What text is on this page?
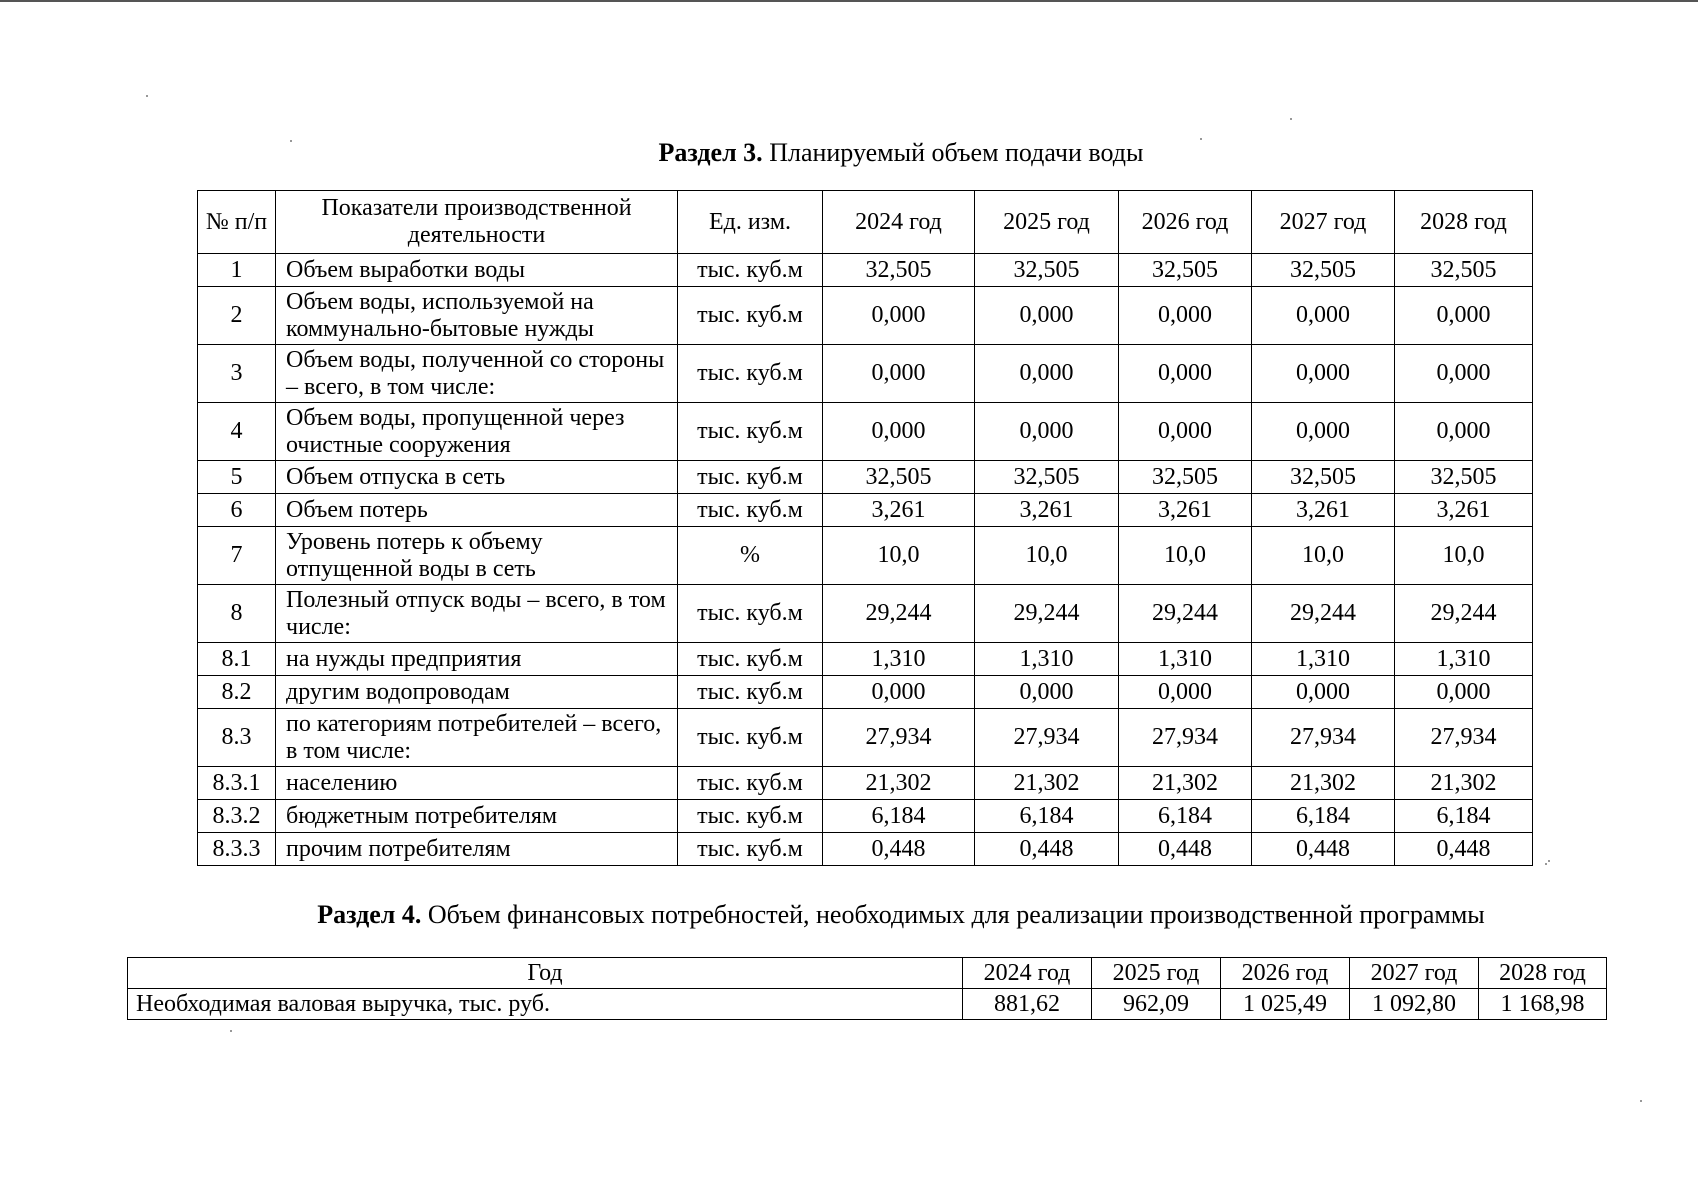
Раздел 3. Планируемый объем подачи воды
№ п/п	Показатели производственной деятельности	Ед. изм.	2024 год	2025 год	2026 год	2027 год	2028 год
1	Объем выработки воды	тыс. куб.м	32,505	32,505	32,505	32,505	32,505
2	Объем воды, используемой на коммунально-бытовые нужды	тыс. куб.м	0,000	0,000	0,000	0,000	0,000
3	Объем воды, полученной со стороны – всего, в том числе:	тыс. куб.м	0,000	0,000	0,000	0,000	0,000
4	Объем воды, пропущенной через очистные сооружения	тыс. куб.м	0,000	0,000	0,000	0,000	0,000
5	Объем отпуска в сеть	тыс. куб.м	32,505	32,505	32,505	32,505	32,505
6	Объем потерь	тыс. куб.м	3,261	3,261	3,261	3,261	3,261
7	Уровень потерь к объему отпущенной воды в сеть	%	10,0	10,0	10,0	10,0	10,0
8	Полезный отпуск воды – всего, в том числе:	тыс. куб.м	29,244	29,244	29,244	29,244	29,244
8.1	на нужды предприятия	тыс. куб.м	1,310	1,310	1,310	1,310	1,310
8.2	другим водопроводам	тыс. куб.м	0,000	0,000	0,000	0,000	0,000
8.3	по категориям потребителей – всего, в том числе:	тыс. куб.м	27,934	27,934	27,934	27,934	27,934
8.3.1	населению	тыс. куб.м	21,302	21,302	21,302	21,302	21,302
8.3.2	бюджетным потребителям	тыс. куб.м	6,184	6,184	6,184	6,184	6,184
8.3.3	прочим потребителям	тыс. куб.м	0,448	0,448	0,448	0,448	0,448
Раздел 4. Объем финансовых потребностей, необходимых для реализации производственной программы
Год	2024 год	2025 год	2026 год	2027 год	2028 год
Необходимая валовая выручка, тыс. руб.	881,62	962,09	1 025,49	1 092,80	1 168,98
